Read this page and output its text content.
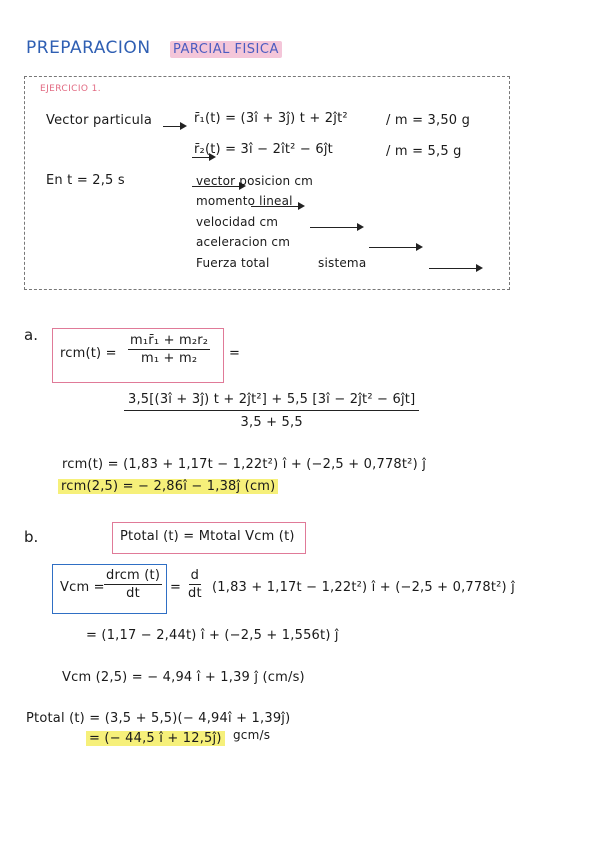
PREPARACION PARCIAL FISICA
EJERCICIO 1.
Vector particula
	r̄₁(t) = (3î + 3ĵ) t + 2ĵt²	/ m = 3,50 g

r̄₂(t) = 3î − 2ît² − 6ĵt	/ m = 5,5 g
En t = 2,5 s
	vector posicion cm

momento lineal

velocidad cm

aceleracion cm

Fuerza total	sistema
a.
$rcm(t) = \frac{\text{m₁r̄₁ + m₂r₂}}{\text{m₁ + m₂}}$ =
$\frac{\text{3,5[(3î + 3ĵ) t + 2ĵt²] + 5,5 [3î − 2ĵt² − 6ĵt]}}{3,5 + 5,5}$
rcm(t) = (1,83 + 1,17t − 1,22t²) î + (−2,5 + 0,778t²) ĵ
rcm(2,5) = − 2,86î − 1,38ĵ (cm)
b.	Ptotal (t) = Mtotal Vcm (t)
Vcm = $\frac{\text{drcm (t)}}{dt} = \frac{d}{dt} (1,83 + 1,17t - 1,22t^2)$ î + (−2,5 + 0,778t²) ĵ
= (1,17 − 2,44t) î + (−2,5 + 1,556t) ĵ
Vcm (2,5) = − 4,94 î + 1,39 ĵ (cm/s)
Ptotal (t) = (3,5 + 5,5)(− 4,94î + 1,39ĵ)
= (− 44,5 î + 12,5ĵ) gcm/s
